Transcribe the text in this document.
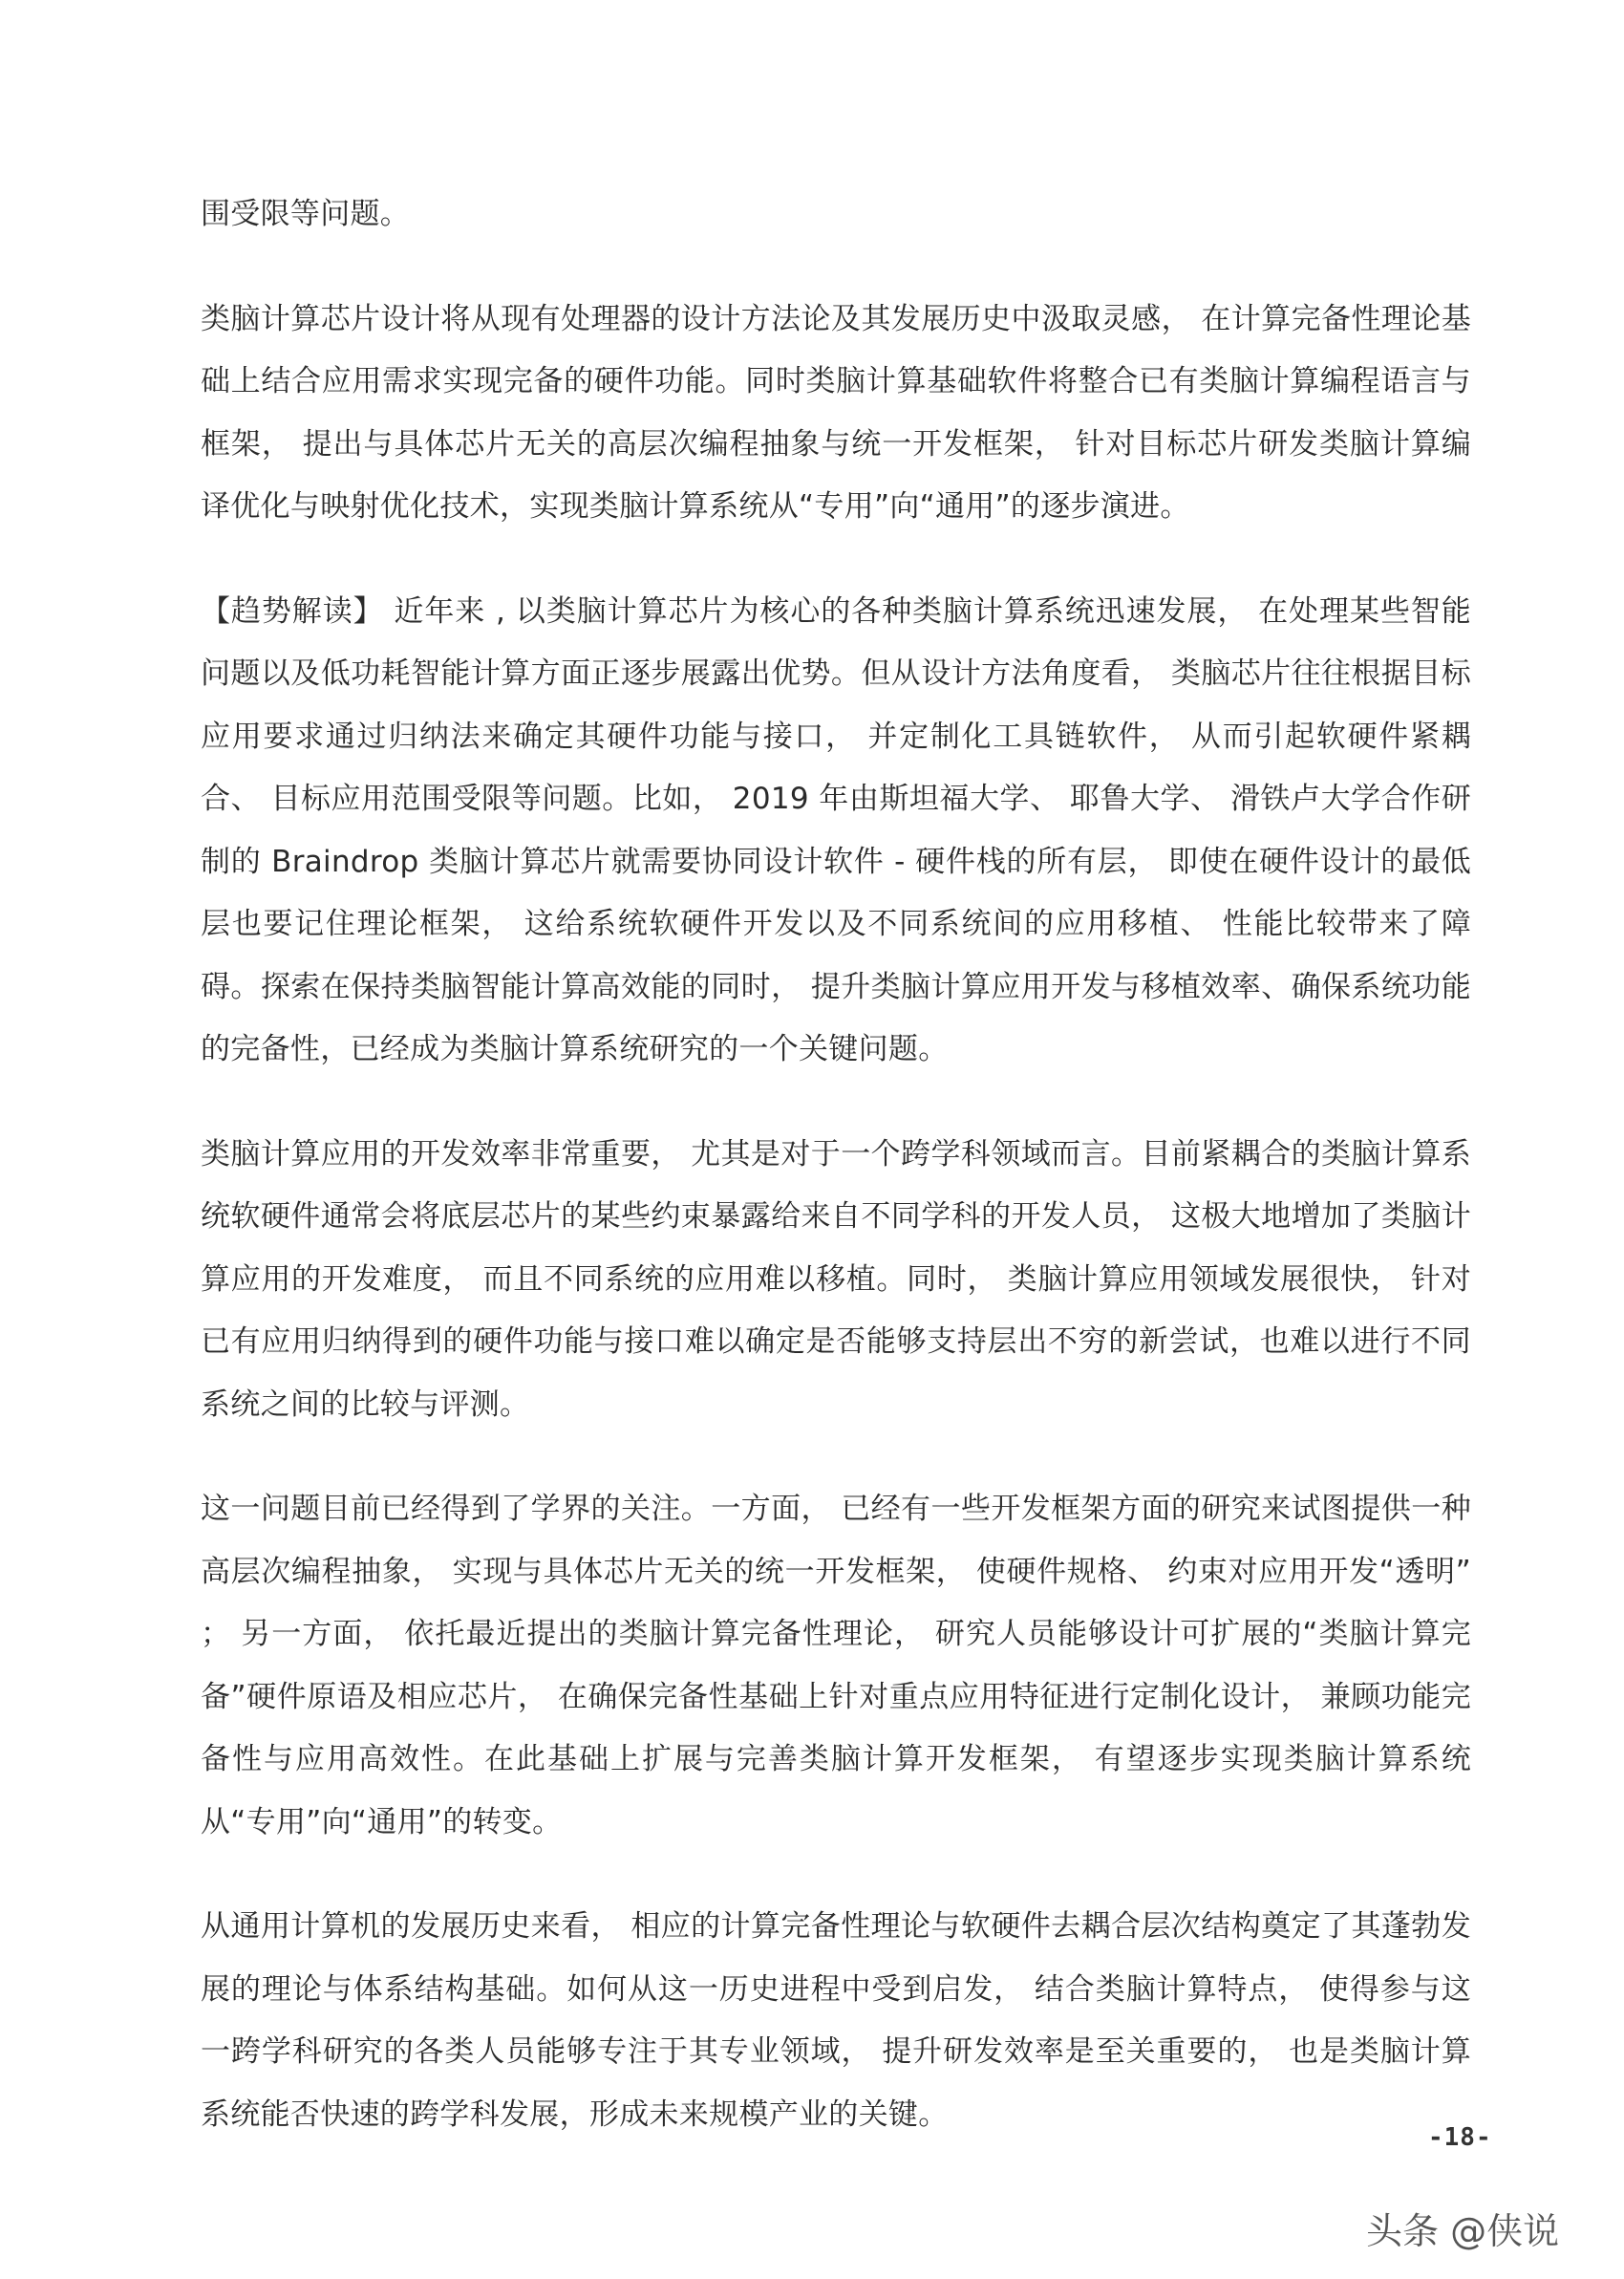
围受限等问题。

类脑计算芯片设计将从现有处理器的设计方法论及其发展历史中汲取灵感， 在计算完备性理论基础上结合应用需求实现完备的硬件功能。同时类脑计算基础软件将整合已有类脑计算编程语言与框架， 提出与具体芯片无关的高层次编程抽象与统一开发框架， 针对目标芯片研发类脑计算编译优化与映射优化技术，实现类脑计算系统从“专用”向“通用”的逐步演进。

【趋势解读】 近年来 , 以类脑计算芯片为核心的各种类脑计算系统迅速发展， 在处理某些智能问题以及低功耗智能计算方面正逐步展露出优势。但从设计方法角度看， 类脑芯片往往根据目标应用要求通过归纳法来确定其硬件功能与接口， 并定制化工具链软件， 从而引起软硬件紧耦合、 目标应用范围受限等问题。比如， 2019 年由斯坦福大学、 耶鲁大学、 滑铁卢大学合作研制的 Braindrop 类脑计算芯片就需要协同设计软件 - 硬件栈的所有层， 即使在硬件设计的最低层也要记住理论框架， 这给系统软硬件开发以及不同系统间的应用移植、 性能比较带来了障碍。探索在保持类脑智能计算高效能的同时， 提升类脑计算应用开发与移植效率、确保系统功能的完备性，已经成为类脑计算系统研究的一个关键问题。

类脑计算应用的开发效率非常重要， 尤其是对于一个跨学科领域而言。目前紧耦合的类脑计算系统软硬件通常会将底层芯片的某些约束暴露给来自不同学科的开发人员， 这极大地增加了类脑计算应用的开发难度， 而且不同系统的应用难以移植。同时， 类脑计算应用领域发展很快， 针对已有应用归纳得到的硬件功能与接口难以确定是否能够支持层出不穷的新尝试，也难以进行不同系统之间的比较与评测。

这一问题目前已经得到了学界的关注。一方面， 已经有一些开发框架方面的研究来试图提供一种高层次编程抽象， 实现与具体芯片无关的统一开发框架， 使硬件规格、 约束对应用开发“透明” ； 另一方面， 依托最近提出的类脑计算完备性理论， 研究人员能够设计可扩展的“类脑计算完备”硬件原语及相应芯片， 在确保完备性基础上针对重点应用特征进行定制化设计， 兼顾功能完备性与应用高效性。在此基础上扩展与完善类脑计算开发框架， 有望逐步实现类脑计算系统从“专用”向“通用”的转变。

从通用计算机的发展历史来看， 相应的计算完备性理论与软硬件去耦合层次结构奠定了其蓬勃发展的理论与体系结构基础。如何从这一历史进程中受到启发， 结合类脑计算特点， 使得参与这一跨学科研究的各类人员能够专注于其专业领域， 提升研发效率是至关重要的， 也是类脑计算系统能否快速的跨学科发展，形成未来规模产业的关键。

-18-
头条 @侠说
